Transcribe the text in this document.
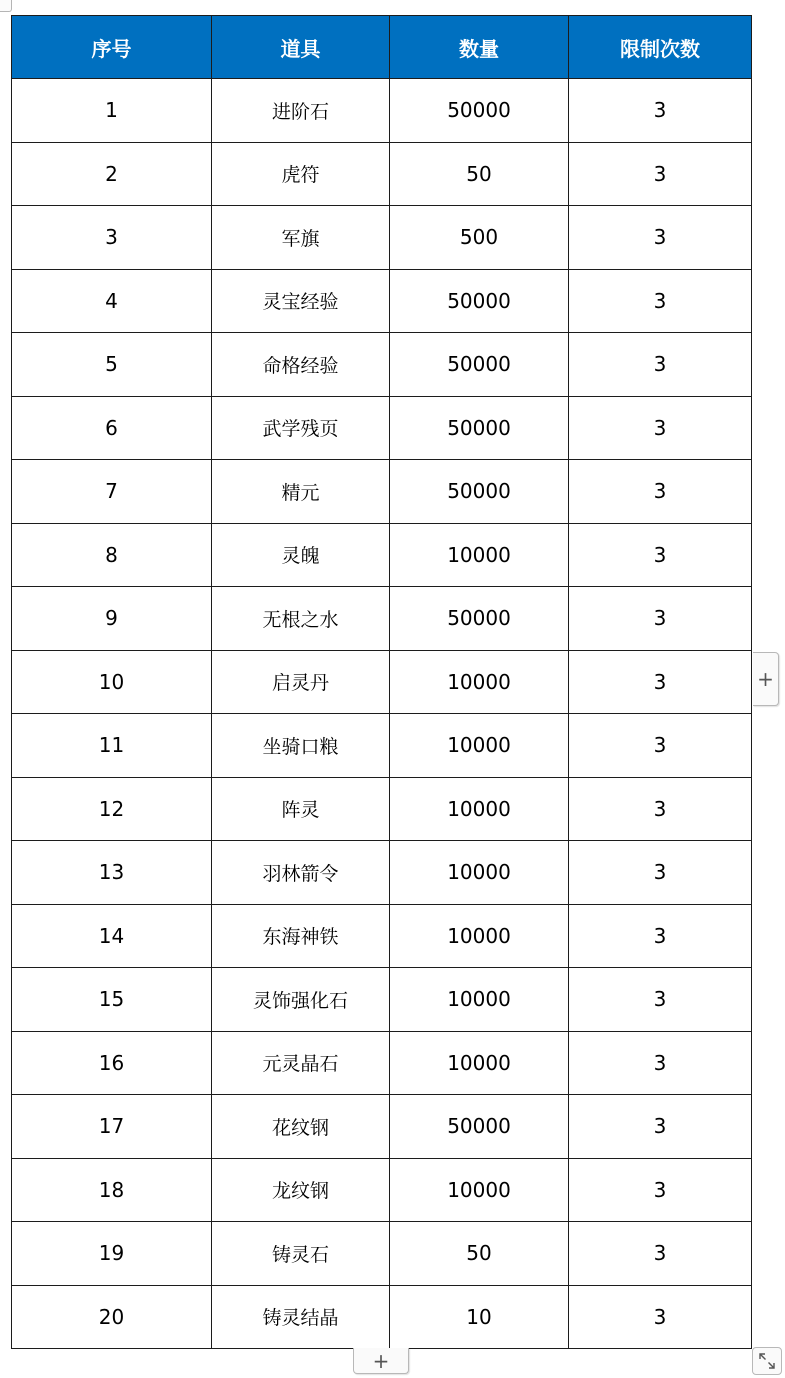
序号	道具	数量	限制次数
1	进阶石	50000	3
2	虎符	50	3
3	军旗	500	3
4	灵宝经验	50000	3
5	命格经验	50000	3
6	武学残页	50000	3
7	精元	50000	3
8	灵魄	10000	3
9	无根之水	50000	3
10	启灵丹	10000	3
11	坐骑口粮	10000	3
12	阵灵	10000	3
13	羽林箭令	10000	3
14	东海神铁	10000	3
15	灵饰强化石	10000	3
16	元灵晶石	10000	3
17	花纹钢	50000	3
18	龙纹钢	10000	3
19	铸灵石	50	3
20	铸灵结晶	10	3
+
+
